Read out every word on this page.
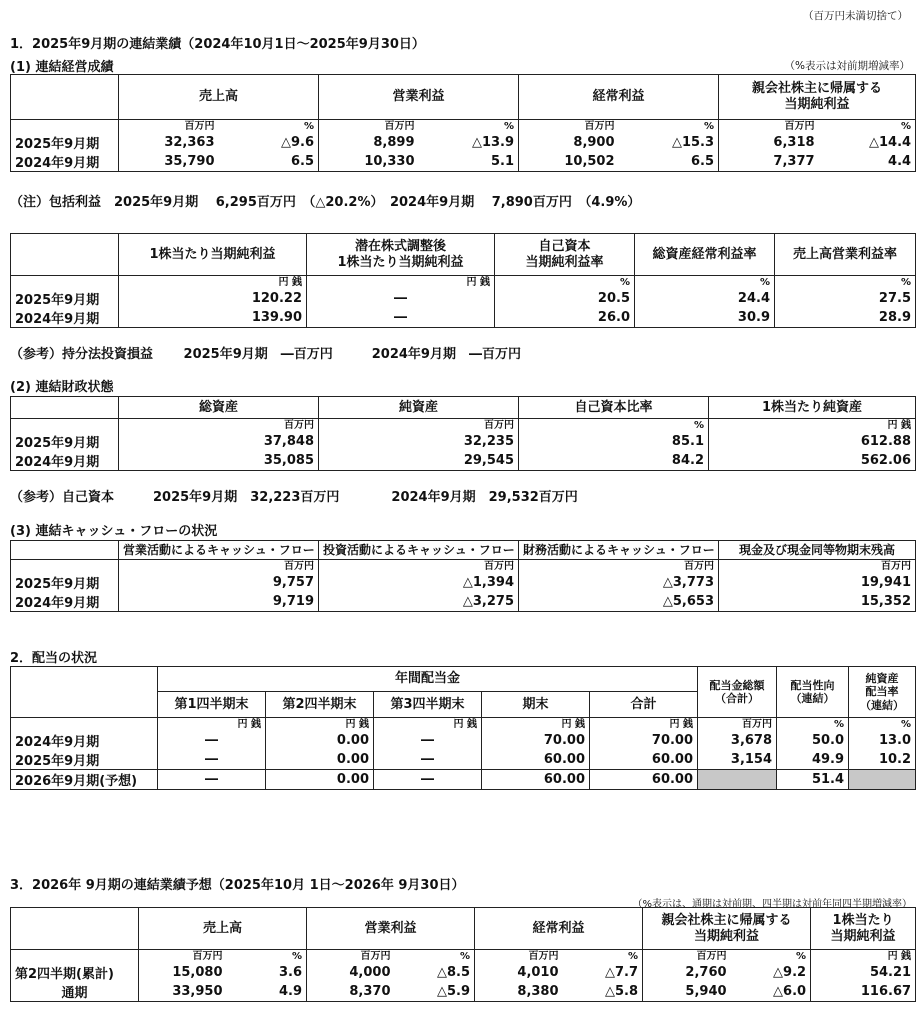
（百万円未満切捨て）
1．2025年9月期の連結業績（2024年10月1日～2025年9月30日）
(1) 連結経営成績	（%表示は対前期増減率）
	売上高		営業利益		経常利益		親会社株主に帰属する
当期純利益	
	百万円	%	百万円	%	百万円	%	百万円	%
2025年9月期	32,363	△9.6	8,899	△13.9	8,900	△15.3	6,318	△14.4
2024年9月期	35,790	6.5	10,330	5.1	10,502	6.5	7,377	4.4
（注）包括利益　2025年9月期　 6,295百万円　（△20.2%）　2024年9月期　 7,890百万円　（4.9%）
	1株当たり当期純利益	潜在株式調整後
1株当たり当期純利益	自己資本
当期純利益率	総資産経常利益率	売上高営業利益率
	円 銭	円 銭	%	%	%
2025年9月期	120.22	―	20.5	24.4	27.5
2024年9月期	139.90	―	26.0	30.9	28.9
（参考）持分法投資損益　　 2025年9月期　―百万円　　　2024年9月期　―百万円
(2) 連結財政状態
	総資産	純資産	自己資本比率	1株当たり純資産
	百万円	百万円	%	円 銭
2025年9月期	37,848	32,235	85.1	612.88
2024年9月期	35,085	29,545	84.2	562.06
（参考）自己資本　　　2025年9月期　32,223百万円　　　　2024年9月期　29,532百万円
(3) 連結キャッシュ・フローの状況
	営業活動によるキャッシュ・フロー	投資活動によるキャッシュ・フロー	財務活動によるキャッシュ・フロー	現金及び現金同等物期末残高
	百万円	百万円	百万円	百万円
2025年9月期	9,757	△1,394	△3,773	19,941
2024年9月期	9,719	△3,275	△5,653	15,352
2．配当の状況
	年間配当金					配当金総額
（合計）	配当性向
（連結）	純資産
配当率
（連結）
	第1四半期末	第2四半期末	第3四半期末	期末	合計			
	円 銭	円 銭	円 銭	円 銭	円 銭	百万円	%	%
2024年9月期	―	0.00	―	70.00	70.00	3,678	50.0	13.0
2025年9月期	―	0.00	―	60.00	60.00	3,154	49.9	10.2
2026年9月期(予想)	―	0.00	―	60.00	60.00		51.4	
3．2026年 9月期の連結業績予想（2025年10月 1日～2026年 9月30日）
（%表示は、通期は対前期、四半期は対前年同四半期増減率）
	売上高		営業利益		経常利益		親会社株主に帰属する
当期純利益		1株当たり
当期純利益
	百万円	%	百万円	%	百万円	%	百万円	%	円 銭
第2四半期(累計)	15,080	3.6	4,000	△8.5	4,010	△7.7	2,760	△9.2	54.21
通期	33,950	4.9	8,370	△5.9	8,380	△5.8	5,940	△6.0	116.67
